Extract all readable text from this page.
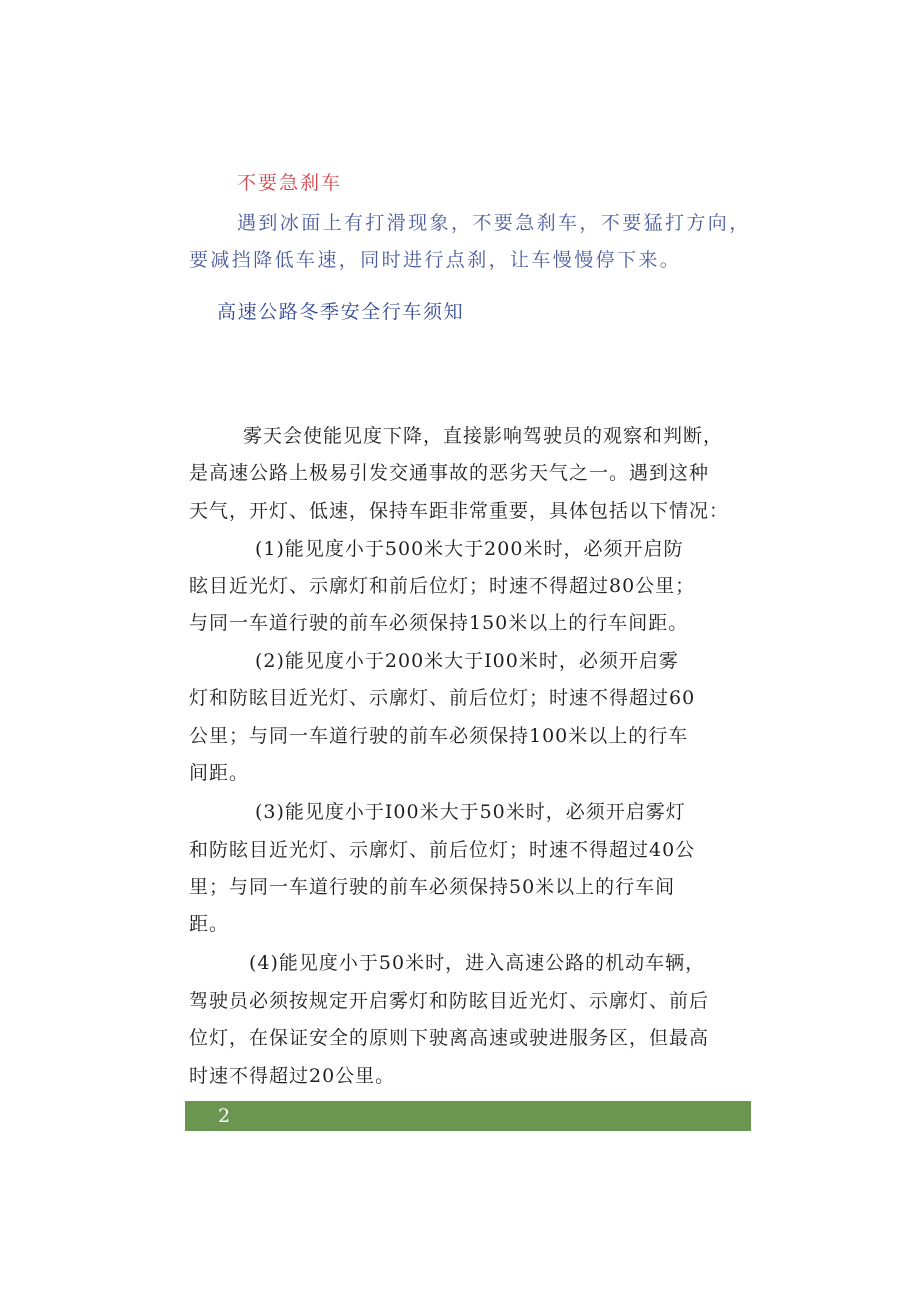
不要急刹车

遇到冰面上有打滑现象，不要急刹车，不要猛打方向，

要减挡降低车速，同时进行点刹，让车慢慢停下来。

高速公路冬季安全行车须知

雾天会使能见度下降，直接影响驾驶员的观察和判断，

是高速公路上极易引发交通事故的恶劣天气之一。遇到这种

天气，开灯、低速，保持车距非常重要，具体包括以下情况：

(1)能见度小于500米大于200米时，必须开启防

眩目近光灯、示廓灯和前后位灯；时速不得超过80公里；

与同一车道行驶的前车必须保持150米以上的行车间距。

(2)能见度小于200米大于I00米时，必须开启雾

灯和防眩目近光灯、示廓灯、前后位灯；时速不得超过60

公里；与同一车道行驶的前车必须保持100米以上的行车

间距。

(3)能见度小于I00米大于50米时，必须开启雾灯

和防眩目近光灯、示廓灯、前后位灯；时速不得超过40公

里；与同一车道行驶的前车必须保持50米以上的行车间

距。

(4)能见度小于50米时，进入高速公路的机动车辆，

驾驶员必须按规定开启雾灯和防眩目近光灯、示廓灯、前后

位灯，在保证安全的原则下驶离高速或驶进服务区，但最高

时速不得超过20公里。

2
